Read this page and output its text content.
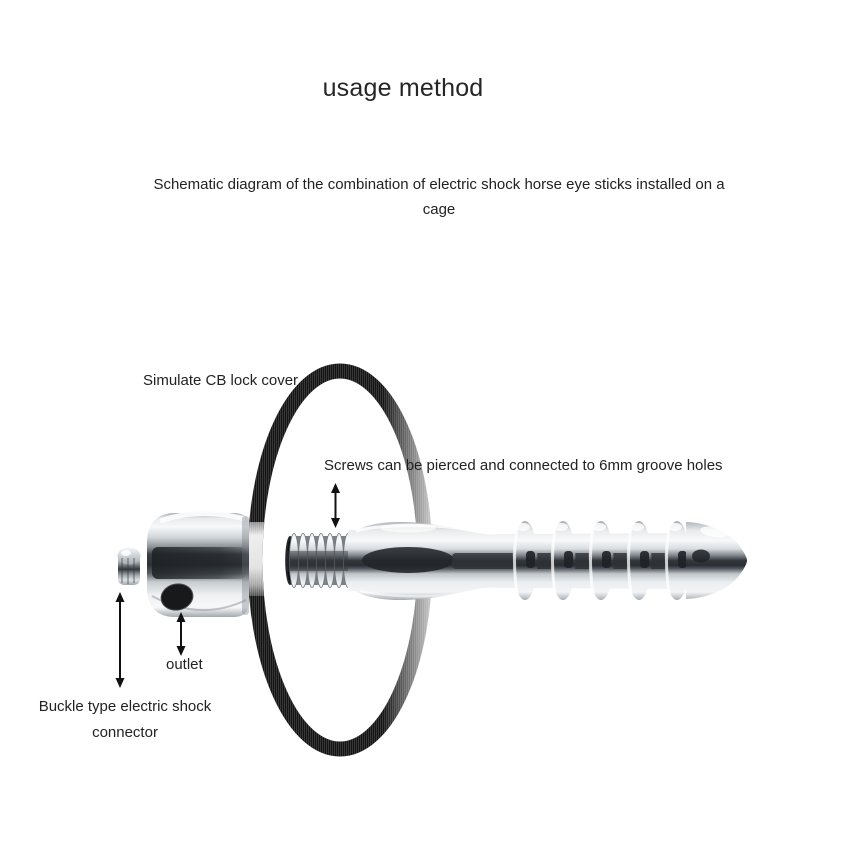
usage method
Schematic diagram of the combination of electric shock horse eye sticks installed on a
cage
Simulate CB lock cover
Screws can be pierced and connected to 6mm groove holes
outlet
Buckle type electric shock
connector
